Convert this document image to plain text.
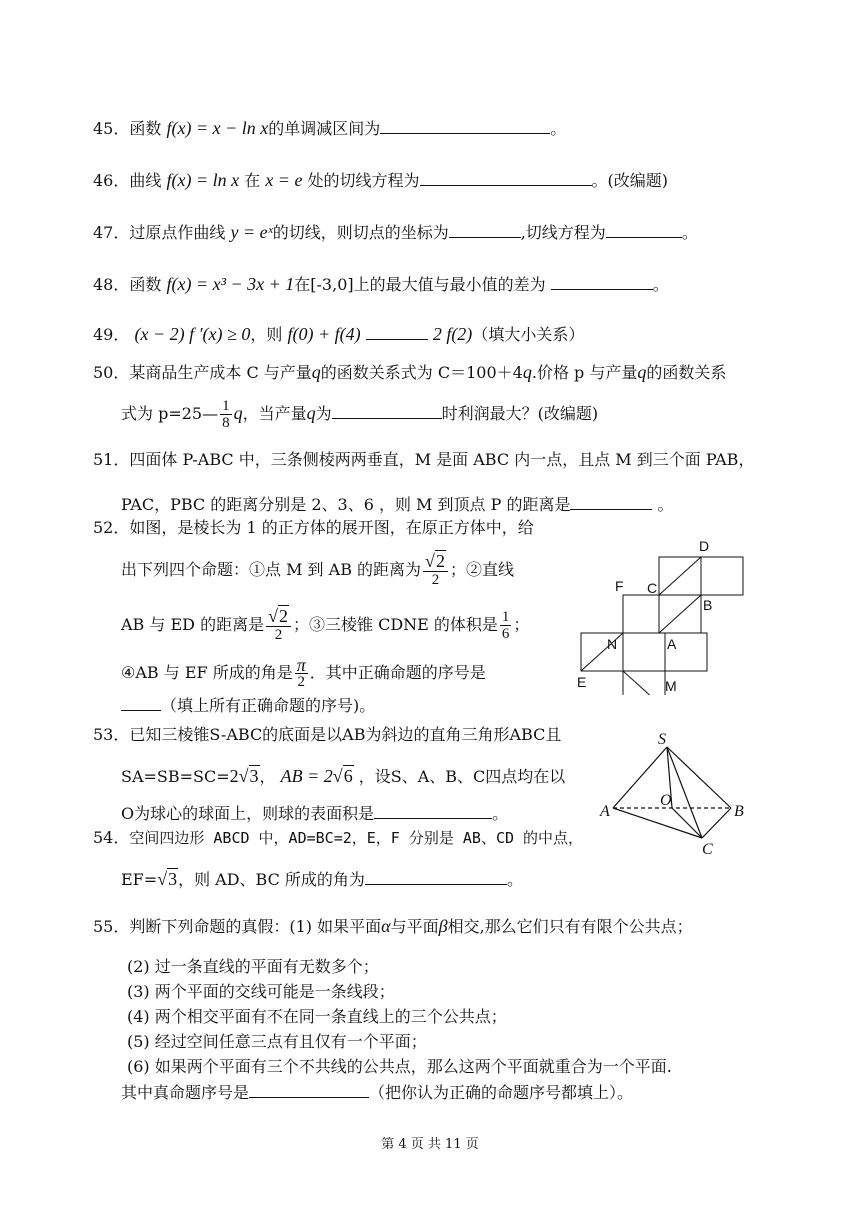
45．函数 f(x) = x − ln x的单调减区间为	。
46．曲线 f(x) = ln x 在 x = e 处的切线方程为	。(改编题)
47．过原点作曲线 y = eˣ的切线，则切点的坐标为	,切线方程为	。
48．函数 f(x) = x³ − 3x + 1在[-3,0]上的最大值与最小值的差为	。
49． (x − 2) f ′(x) ≥ 0，则 f(0) + f(4)	2 f(2)（填大小关系）
50．某商品生产成本 C 与产量q的函数关系式为 C＝100＋4q.价格 p 与产量q的函数关系
式为 p=25— $\frac{1}{8}$ q，当产量q为	时利润最大？(改编题)
51．四面体 P-ABC 中，三条侧棱两两垂直，M 是面 ABC 内一点，且点 M 到三个面 PAB，
PAC，PBC 的距离分别是 2、3、6 ，则 M 到顶点 P 的距离是	。
52．如图，是棱长为 1 的正方体的展开图，在原正方体中，给
出下列四个命题：①点 M 到 AB 的距离为 $\frac{√2}{2}$ ；②直线
AB 与 ED 的距离是 $\frac{√2}{2}$ ；③三棱锥 CDNE 的体积是 $\frac{1}{6}$ ；
④AB 与 EF 所成的角是 $\frac{\pi}{2}$ ．其中正确命题的序号是
（填上所有正确命题的序号)。
D
F C
B
E
N	A
M
53．已知三棱锥S-ABC的底面是以AB为斜边的直角三角形ABC且
SA=SB=SC=2√3， AB = 2√6 ，设S、A、B、C四点均在以
O为球心的球面上，则球的表面积是	。
S
O
A	B
C
54．空间四边形 ABCD 中，AD=BC=2，E，F 分别是 AB、CD 的中点，
EF=√3，则 AD、BC 所成的角为	。
55．判断下列命题的真假：(1) 如果平面α与平面β相交,那么它们只有有限个公共点；
(2) 过一条直线的平面有无数多个；
(3) 两个平面的交线可能是一条线段；
(4) 两个相交平面有不在同一条直线上的三个公共点；
(5) 经过空间任意三点有且仅有一个平面；
(6) 如果两个平面有三个不共线的公共点，那么这两个平面就重合为一个平面.
其中真命题序号是	（把你认为正确的命题序号都填上）。
第 4 页 共 11 页
